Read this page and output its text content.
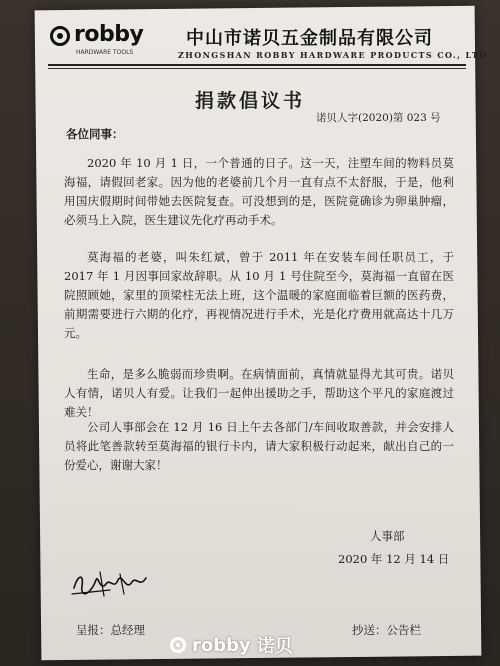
robby
HARDWARE TOOLS
中山市诺贝五金制品有限公司
ZHONGSHAN ROBBY HARDWARE PRODUCTS CO., LTD
捐款倡议书
诺贝人字(2020)第 023 号
各位同事：
2020 年 10 月 1 日，一个普通的日子。这一天，注塑车间的物料员莫海福，请假回老家。因为他的老婆前几个月一直有点不太舒服，于是，他利用国庆假期时间带她去医院复查。可没想到的是，医院竟确诊为卵巢肿瘤，必须马上入院，医生建议先化疗再动手术。
莫海福的老婆，叫朱红斌，曾于 2011 年在安装车间任职员工，于 2017 年 1 月因事回家故辞职。从 10 月 1 号住院至今，莫海福一直留在医院照顾她，家里的顶梁柱无法上班，这个温暖的家庭面临着巨额的医药费，前期需要进行六期的化疗，再视情况进行手术，光是化疗费用就高达十几万元。
生命，是多么脆弱而珍贵啊。在病情面前，真情就显得尤其可贵。诺贝人有情，诺贝人有爱。让我们一起伸出援助之手，帮助这个平凡的家庭渡过难关！
公司人事部会在 12 月 16 日上午去各部门/车间收取善款，并会安排人员将此笔善款转至莫海福的银行卡内，请大家积极行动起来，献出自己的一份爱心，谢谢大家！
人事部
2020 年 12 月 14 日
呈报：总经理	抄送：公告栏
robby 诺贝
